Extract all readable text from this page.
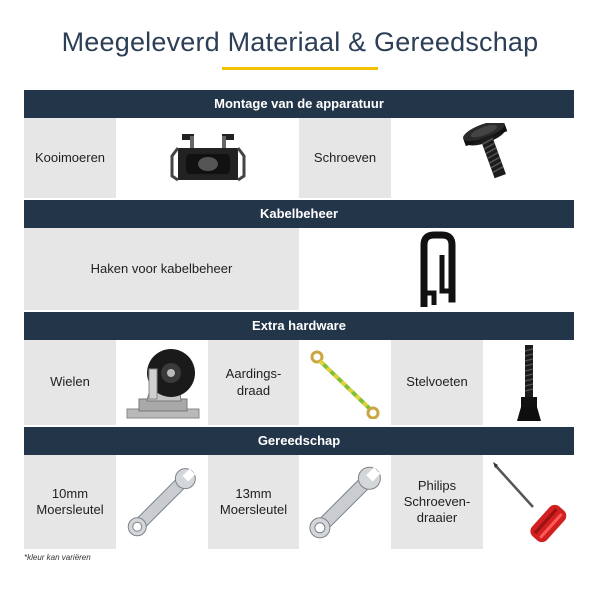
Meegeleverd Materiaal & Gereedschap
Montage van de apparatuur
Kooimoeren	Schroeven
Kabelbeheer
Haken voor kabelbeheer
Extra hardware
Wielen
Aardings-
draad
Stelvoeten
Gereedschap
10mm
Moersleutel
13mm
Moersleutel
Philips
Schroeven-
draaier
*kleur kan variëren
